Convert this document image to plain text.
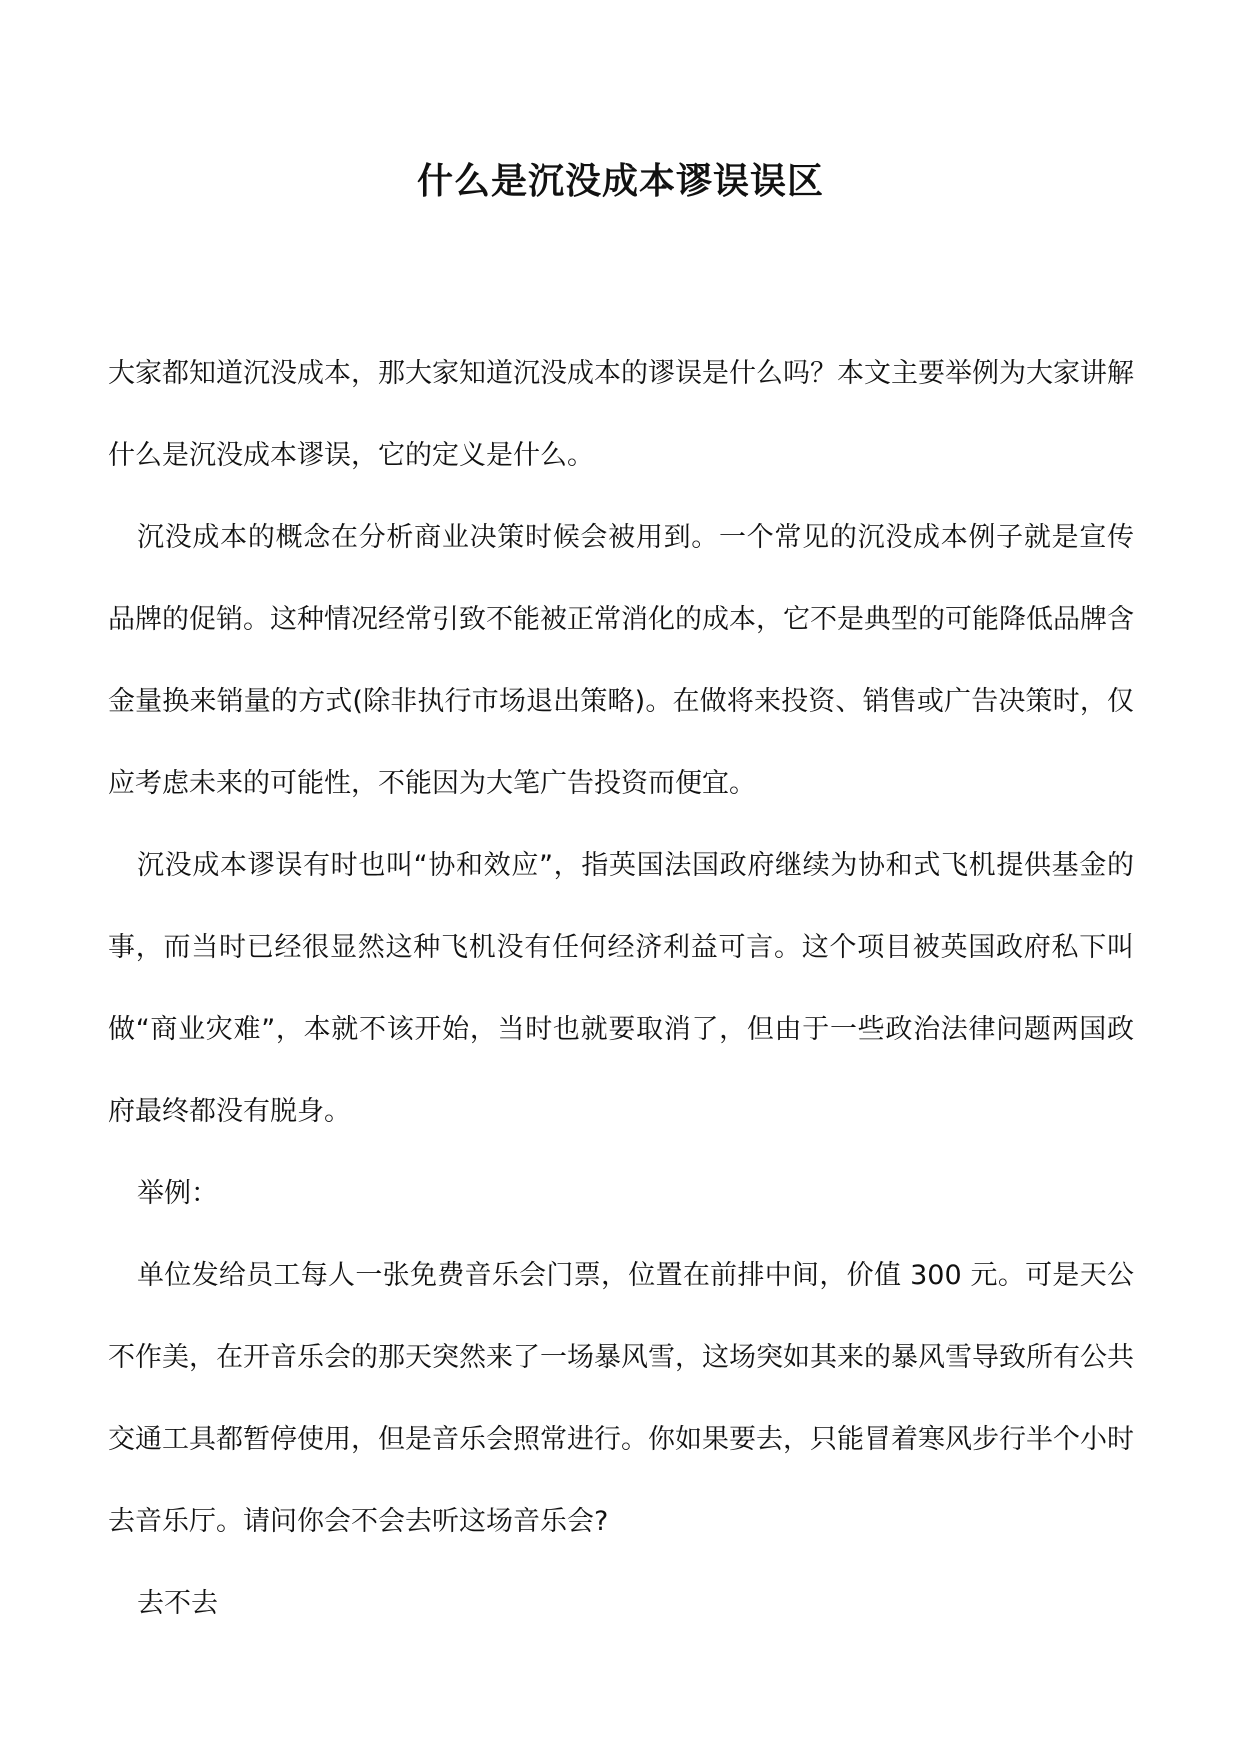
什么是沉没成本谬误误区

大家都知道沉没成本，那大家知道沉没成本的谬误是什么吗？本文主要举例为大家讲解什么是沉没成本谬误，它的定义是什么。

沉没成本的概念在分析商业决策时候会被用到。一个常见的沉没成本例子就是宣传品牌的促销。这种情况经常引致不能被正常消化的成本，它不是典型的可能降低品牌含金量换来销量的方式(除非执行市场退出策略)。在做将来投资、销售或广告决策时，仅应考虑未来的可能性，不能因为大笔广告投资而便宜。

沉没成本谬误有时也叫“协和效应”，指英国法国政府继续为协和式飞机提供基金的事，而当时已经很显然这种飞机没有任何经济利益可言。这个项目被英国政府私下叫做“商业灾难”，本就不该开始，当时也就要取消了，但由于一些政治法律问题两国政府最终都没有脱身。

举例：

单位发给员工每人一张免费音乐会门票，位置在前排中间，价值 300 元。可是天公不作美，在开音乐会的那天突然来了一场暴风雪，这场突如其来的暴风雪导致所有公共交通工具都暂停使用，但是音乐会照常进行。你如果要去，只能冒着寒风步行半个小时去音乐厅。请问你会不会去听这场音乐会?

去不去
